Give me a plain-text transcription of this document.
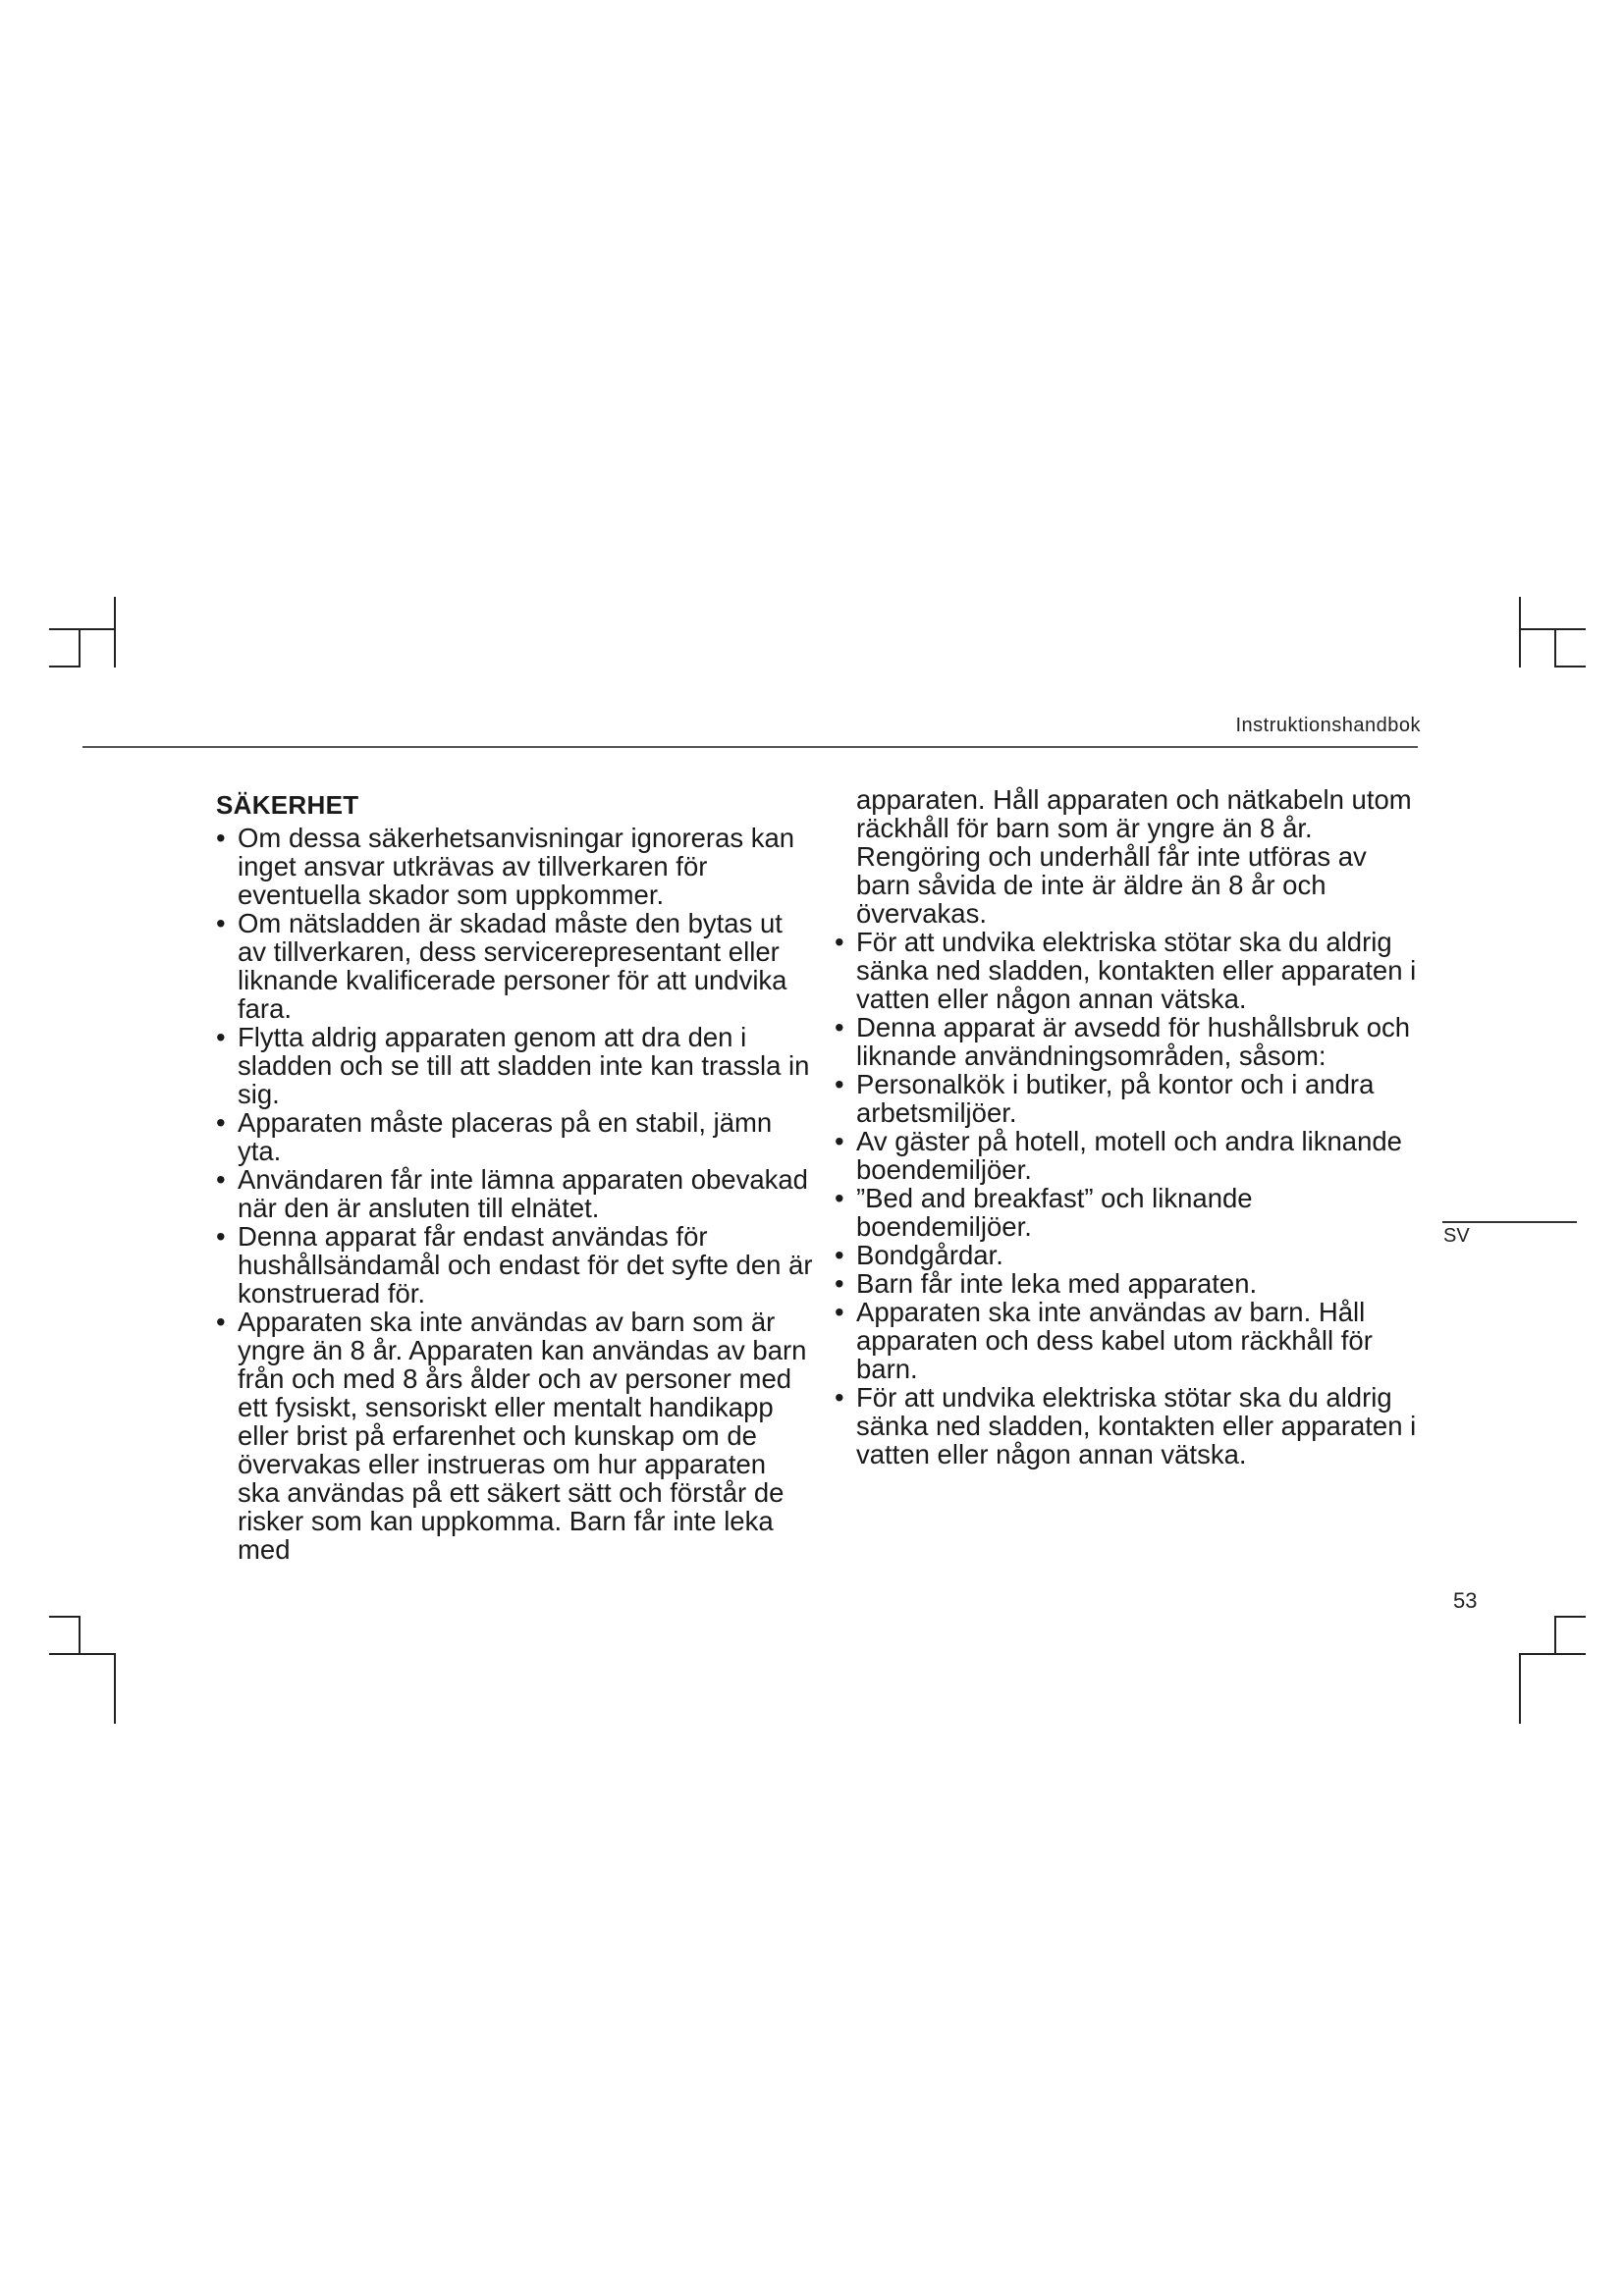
Instruktionshandbok
SV
SÄKERHET
• Om dessa säkerhetsanvisningar ignoreras kan inget ansvar utkrävas av tillverkaren för eventuella skador som uppkommer.
• Om nätsladden är skadad måste den bytas ut av tillverkaren, dess servicerepresentant eller liknande kvalificerade personer för att undvika fara.
• Flytta aldrig apparaten genom att dra den i sladden och se till att sladden inte kan trassla in sig.
• Apparaten måste placeras på en stabil, jämn yta.
• Användaren får inte lämna apparaten obevakad när den är ansluten till elnätet.
• Denna apparat får endast användas för hushållsändamål och endast för det syfte den är konstruerad för.
• Apparaten ska inte användas av barn som är yngre än 8 år. Apparaten kan användas av barn från och med 8 års ålder och av personer med ett fysiskt, sensoriskt eller mentalt handikapp eller brist på erfarenhet och kunskap om de övervakas eller instrueras om hur apparaten ska användas på ett säkert sätt och förstår de risker som kan uppkomma. Barn får inte leka med
apparaten. Håll apparaten och nätkabeln utom räckhåll för barn som är yngre än 8 år. Rengöring och underhåll får inte utföras av barn såvida de inte är äldre än 8 år och övervakas.
• För att undvika elektriska stötar ska du aldrig sänka ned sladden, kontakten eller apparaten i vatten eller någon annan vätska.
• Denna apparat är avsedd för hushållsbruk och liknande användningsområden, såsom:
• Personalkök i butiker, på kontor och i andra arbetsmiljöer.
• Av gäster på hotell, motell och andra liknande boendemiljöer.
• ”Bed and breakfast” och liknande boendemiljöer.
• Bondgårdar.
• Barn får inte leka med apparaten.
• Apparaten ska inte användas av barn. Håll apparaten och dess kabel utom räckhåll för barn.
• För att undvika elektriska stötar ska du aldrig sänka ned sladden, kontakten eller apparaten i vatten eller någon annan vätska.
53
